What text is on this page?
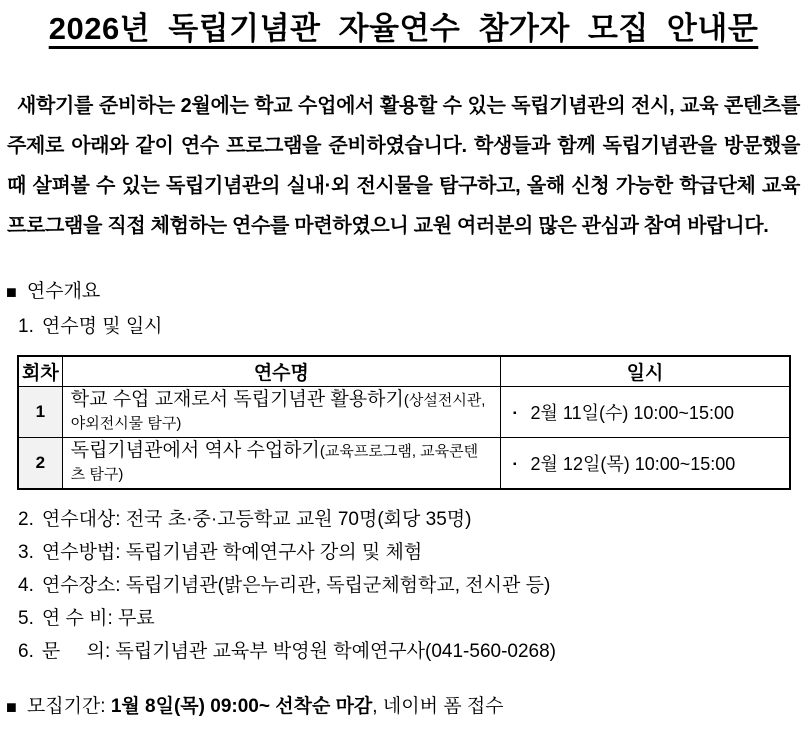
2026년 독립기념관 자율연수 참가자 모집 안내문

새학기를 준비하는 2월에는 학교 수업에서 활용할 수 있는 독립기념관의 전시, 교육 콘텐츠를 주제로 아래와 같이 연수 프로그램을 준비하였습니다. 학생들과 함께 독립기념관을 방문했을 때 살펴볼 수 있는 독립기념관의 실내·외 전시물을 탐구하고, 올해 신청 가능한 학급단체 교육프로그램을 직접 체험하는 연수를 마련하였으니 교원 여러분의 많은 관심과 참여 바랍니다.

■ 연수개요
1. 연수명 및 일시
회차	연수명	일시
1	학교 수업 교재로서 독립기념관 활용하기(상설전시관, 야외전시물 탐구)	▪ 2월 11일(수) 10:00~15:00
2	독립기념관에서 역사 수업하기(교육프로그램, 교육콘텐츠 탐구)	▪ 2월 12일(목) 10:00~15:00
2. 연수대상: 전국 초·중·고등학교 교원 70명(회당 35명)
3. 연수방법: 독립기념관 학예연구사 강의 및 체험
4. 연수장소: 독립기념관(밝은누리관, 독립군체험학교, 전시관 등)
5. 연 수 비: 무료
6. 문     의: 독립기념관 교육부 박영원 학예연구사(041-560-0268)
■ 모집기간: 1월 8일(목) 09:00~ 선착순 마감 , 네이버 폼 접수
